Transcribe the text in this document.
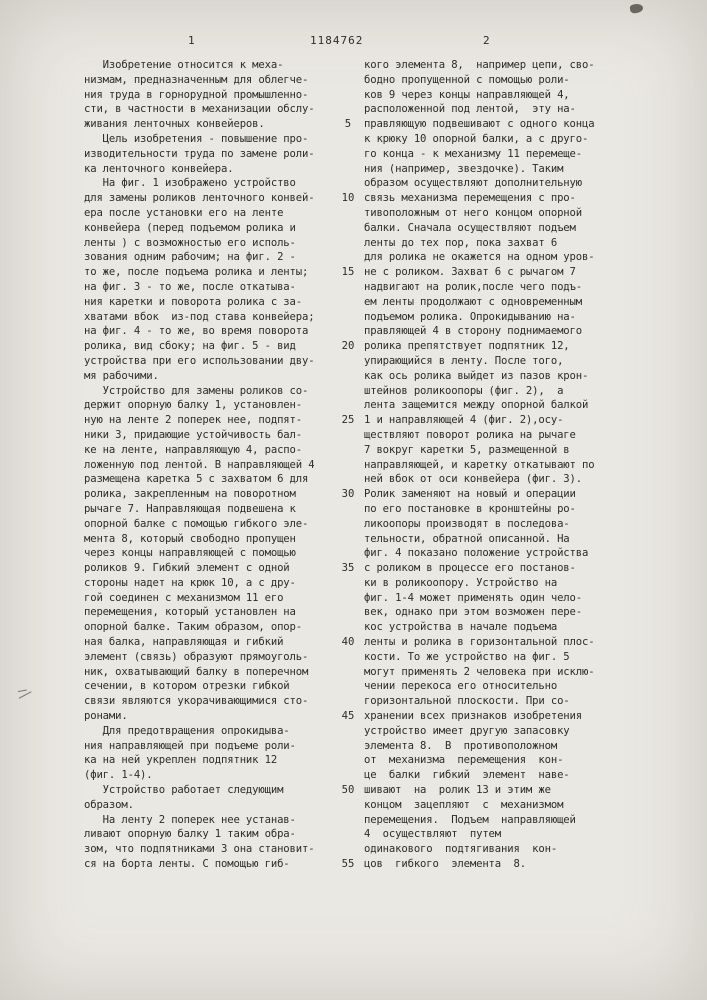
1	1184762	2
Изобретение относится к меха-
низмам, предназначенным для облегче-
ния труда в горнорудной промышленно-
сти, в частности в механизации обслу-
живания ленточных конвейеров.
Цель изобретения - повышение про-
изводительности труда по замене роли-
ка ленточного конвейера.
На фиг. 1 изображено устройство
для замены роликов ленточного конвей-
ера после установки его на ленте
конвейера (перед подъемом ролика и
ленты ) с возможностью его исполь-
зования одним рабочим; на фиг. 2 -
то же, после подъема ролика и ленты;
на фиг. 3 - то же, после откатыва-
ния каретки и поворота ролика с за-
хватами вбок  из-под става конвейера;
на фиг. 4 - то же, во время поворота
ролика, вид сбоку; на фиг. 5 - вид
устройства при его использовании дву-
мя рабочими.
Устройство для замены роликов со-
держит опорную балку 1, установлен-
ную на ленте 2 поперек нее, подпят-
ники 3, придающие устойчивость бал-
ке на ленте, направляющую 4, распо-
ложенную под лентой. В направляющей 4
размещена каретка 5 с захватом 6 для
ролика, закрепленным на поворотном
рычаге 7. Направляющая подвешена к
опорной балке с помощью гибкого эле-
мента 8, который свободно пропущен
через концы направляющей с помощью
роликов 9. Гибкий элемент с одной
стороны надет на крюк 10, а с дру-
гой соединен с механизмом 11 его
перемещения, который установлен на
опорной балке. Таким образом, опор-
ная балка, направляющая и гибкий
элемент (связь) образуют прямоуголь-
ник, охватывающий балку в поперечном
сечении, в котором отрезки гибкой
связи являются укорачивающимися сто-
ронами.
Для предотвращения опрокидыва-
ния направляющей при подъеме роли-
ка на ней укреплен подпятник 12
(фиг. 1-4).
Устройство работает следующим
образом.
На ленту 2 поперек нее устанав-
ливают опорную балку 1 таким обра-
зом, что подпятниками 3 она становит-
ся на борта ленты. С помощью гиб-
5
10
15
20
25
30
35
40
45
50
55
кого элемента 8,  например цепи, сво-
бодно пропущенной с помощью роли-
ков 9 через концы направляющей 4,
расположенной под лентой,  эту на-
правляющую подвешивают с одного конца
к крюку 10 опорной балки, а с друго-
го конца - к механизму 11 перемеще-
ния (например, звездочке). Таким
образом осуществляют дополнительную
связь механизма перемещения с про-
тивоположным от него концом опорной
балки. Сначала осуществляют подъем
ленты до тех пор, пока захват 6
для ролика не окажется на одном уров-
не с роликом. Захват 6 с рычагом 7
надвигают на ролик,после чего подъ-
ем ленты продолжают с одновременным
подъемом ролика. Опрокидыванию на-
правляющей 4 в сторону поднимаемого
ролика препятствует подпятник 12,
упирающийся в ленту. После того,
как ось ролика выйдет из пазов крон-
штейнов роликоопоры (фиг. 2),  а
лента защемится между опорной балкой
1 и направляющей 4 (фиг. 2),осу-
ществляют поворот ролика на рычаге
7 вокруг каретки 5, размещенной в
направляющей, и каретку откатывают по
ней вбок от оси конвейера (фиг. 3).
Ролик заменяют на новый и операции
по его постановке в кронштейны ро-
ликоопоры производят в последова-
тельности, обратной описанной. На
фиг. 4 показано положение устройства
с роликом в процессе его постанов-
ки в роликоопору. Устройство на
фиг. 1-4 может применять один чело-
век, однако при этом возможен пере-
кос устройства в начале подъема
ленты и ролика в горизонтальной плос-
кости. То же устройство на фиг. 5
могут применять 2 человека при исклю-
чении перекоса его относительно
горизонтальной плоскости. При со-
хранении всех признаков изобретения
устройство имеет другую запасовку
элемента 8.  В  противоположном
от  механизма  перемещения  кон-
це  балки  гибкий  элемент  наве-
шивают  на  ролик 13 и этим же
концом  зацепляют  с  механизмом
перемещения.  Подъем  направляющей
4  осуществляют  путем
одинакового  подтягивания  кон-
цов  гибкого  элемента  8.
